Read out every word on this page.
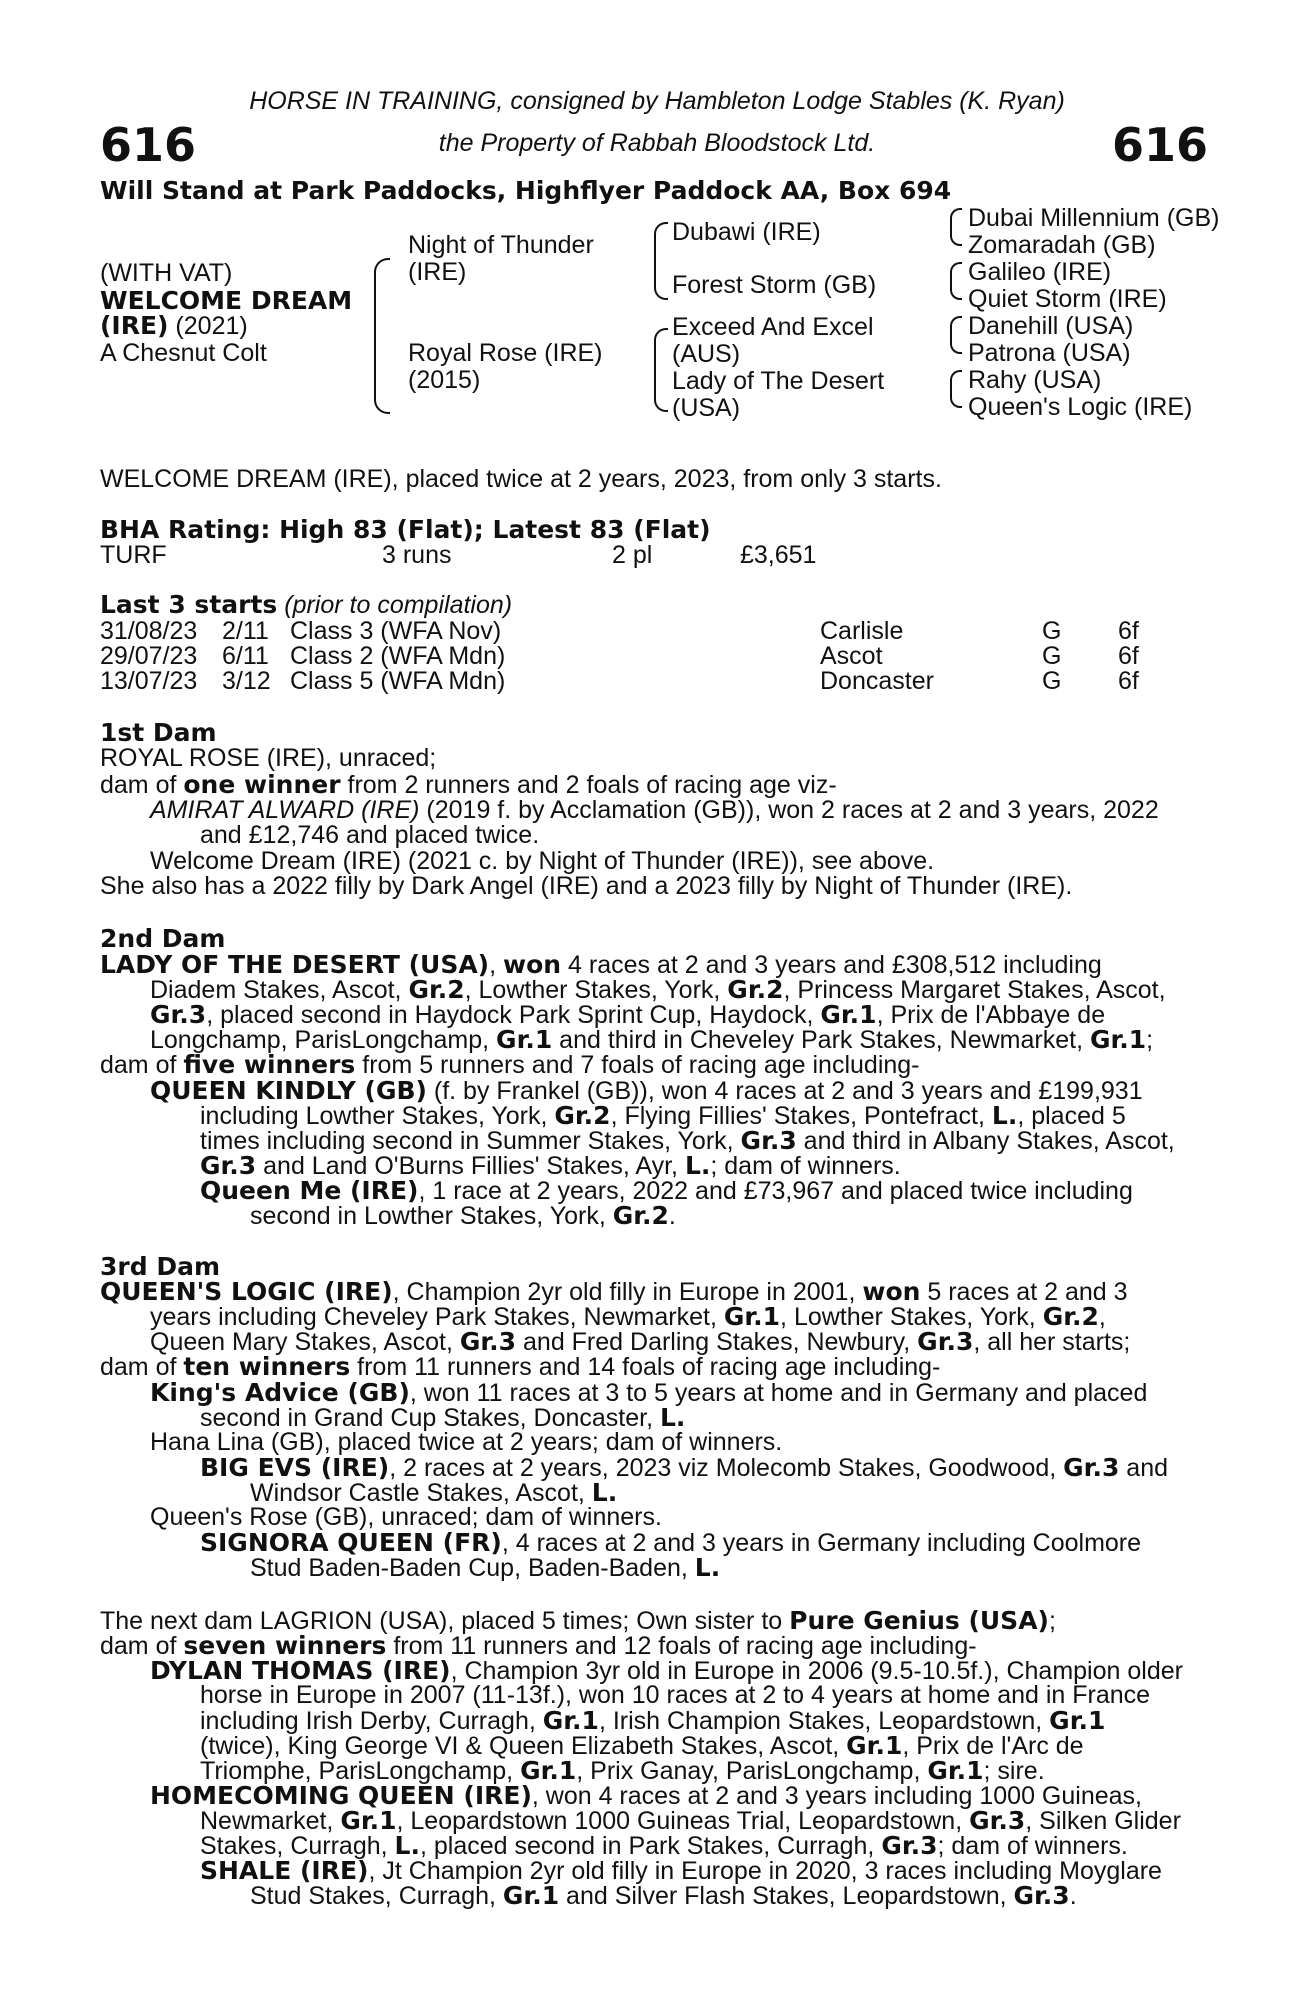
HORSE IN TRAINING, consigned by Hambleton Lodge Stables (K. Ryan)
616	the Property of Rabbah Bloodstock Ltd.	616
Will Stand at Park Paddocks, Highflyer Paddock AA, Box 694
(WITH VAT)
WELCOME DREAM
(IRE) (2021)
A Chesnut Colt
Night of Thunder
(IRE)
Royal Rose (IRE)
(2015)
Dubawi (IRE)
Forest Storm (GB)
Exceed And Excel
(AUS)
Lady of The Desert
(USA)
Dubai Millennium (GB)
Zomaradah (GB)
Galileo (IRE)
Quiet Storm (IRE)
Danehill (USA)
Patrona (USA)
Rahy (USA)
Queen's Logic (IRE)
WELCOME DREAM (IRE), placed twice at 2 years, 2023, from only 3 starts.
BHA Rating: High 83 (Flat); Latest 83 (Flat)
TURF	3 runs	2 pl	£3,651
Last 3 starts (prior to compilation)
31/08/23 2/11 Class 3 (WFA Nov)	Carlisle	G 6f
29/07/23 6/11 Class 2 (WFA Mdn)	Ascot	G 6f
13/07/23 3/12 Class 5 (WFA Mdn)	Doncaster	G 6f
1st Dam
ROYAL ROSE (IRE), unraced;
dam of one winner from 2 runners and 2 foals of racing age viz-
AMIRAT ALWARD (IRE) (2019 f. by Acclamation (GB)), won 2 races at 2 and 3 years, 2022
and £12,746 and placed twice.
Welcome Dream (IRE) (2021 c. by Night of Thunder (IRE)), see above.
She also has a 2022 filly by Dark Angel (IRE) and a 2023 filly by Night of Thunder (IRE).
2nd Dam
LADY OF THE DESERT (USA), won 4 races at 2 and 3 years and £308,512 including
Diadem Stakes, Ascot, Gr.2, Lowther Stakes, York, Gr.2, Princess Margaret Stakes, Ascot,
Gr.3, placed second in Haydock Park Sprint Cup, Haydock, Gr.1, Prix de l'Abbaye de
Longchamp, ParisLongchamp, Gr.1 and third in Cheveley Park Stakes, Newmarket, Gr.1;
dam of five winners from 5 runners and 7 foals of racing age including-
QUEEN KINDLY (GB) (f. by Frankel (GB)), won 4 races at 2 and 3 years and £199,931
including Lowther Stakes, York, Gr.2, Flying Fillies' Stakes, Pontefract, L., placed 5
times including second in Summer Stakes, York, Gr.3 and third in Albany Stakes, Ascot,
Gr.3 and Land O'Burns Fillies' Stakes, Ayr, L.; dam of winners.
Queen Me (IRE), 1 race at 2 years, 2022 and £73,967 and placed twice including
second in Lowther Stakes, York, Gr.2.
3rd Dam
QUEEN'S LOGIC (IRE), Champion 2yr old filly in Europe in 2001, won 5 races at 2 and 3
years including Cheveley Park Stakes, Newmarket, Gr.1, Lowther Stakes, York, Gr.2,
Queen Mary Stakes, Ascot, Gr.3 and Fred Darling Stakes, Newbury, Gr.3, all her starts;
dam of ten winners from 11 runners and 14 foals of racing age including-
King's Advice (GB), won 11 races at 3 to 5 years at home and in Germany and placed
second in Grand Cup Stakes, Doncaster, L.
Hana Lina (GB), placed twice at 2 years; dam of winners.
BIG EVS (IRE), 2 races at 2 years, 2023 viz Molecomb Stakes, Goodwood, Gr.3 and
Windsor Castle Stakes, Ascot, L.
Queen's Rose (GB), unraced; dam of winners.
SIGNORA QUEEN (FR), 4 races at 2 and 3 years in Germany including Coolmore
Stud Baden-Baden Cup, Baden-Baden, L.
The next dam LAGRION (USA), placed 5 times; Own sister to Pure Genius (USA);
dam of seven winners from 11 runners and 12 foals of racing age including-
DYLAN THOMAS (IRE), Champion 3yr old in Europe in 2006 (9.5-10.5f.), Champion older
horse in Europe in 2007 (11-13f.), won 10 races at 2 to 4 years at home and in France
including Irish Derby, Curragh, Gr.1, Irish Champion Stakes, Leopardstown, Gr.1
(twice), King George VI & Queen Elizabeth Stakes, Ascot, Gr.1, Prix de l'Arc de
Triomphe, ParisLongchamp, Gr.1, Prix Ganay, ParisLongchamp, Gr.1; sire.
HOMECOMING QUEEN (IRE), won 4 races at 2 and 3 years including 1000 Guineas,
Newmarket, Gr.1, Leopardstown 1000 Guineas Trial, Leopardstown, Gr.3, Silken Glider
Stakes, Curragh, L., placed second in Park Stakes, Curragh, Gr.3; dam of winners.
SHALE (IRE), Jt Champion 2yr old filly in Europe in 2020, 3 races including Moyglare
Stud Stakes, Curragh, Gr.1 and Silver Flash Stakes, Leopardstown, Gr.3.
